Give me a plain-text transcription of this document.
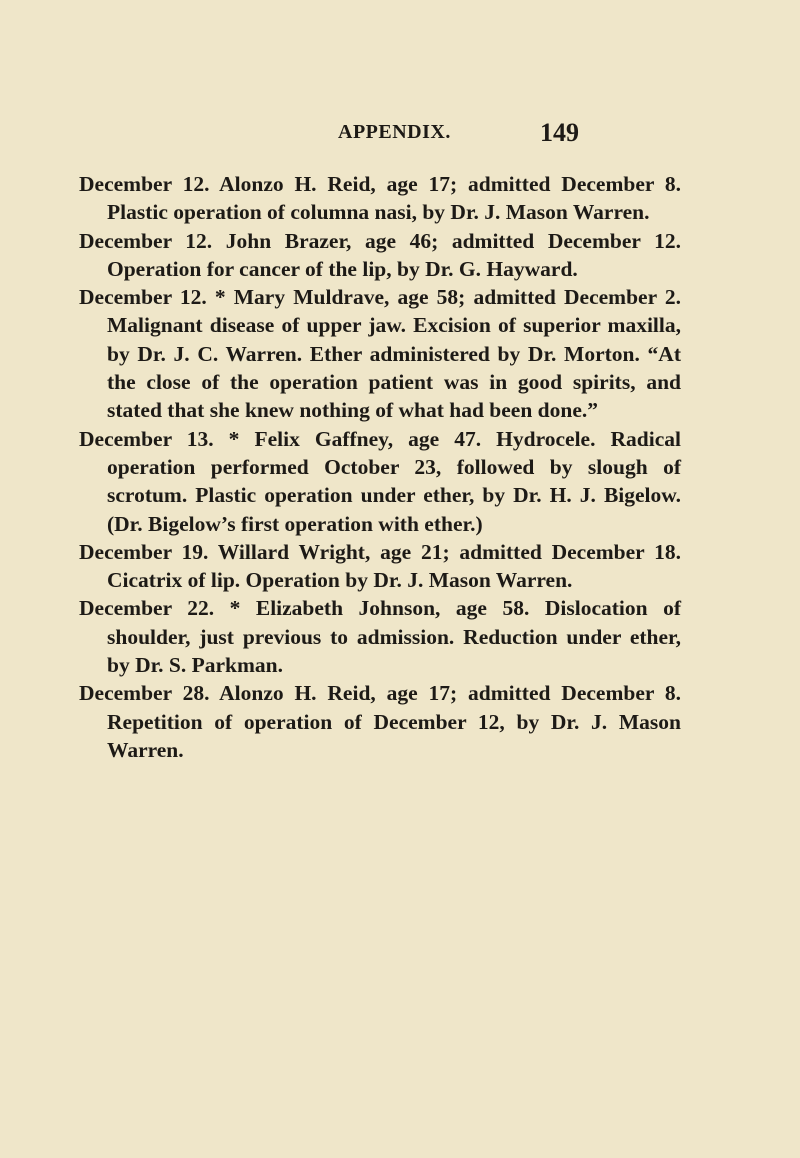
APPENDIX.	149

December 12. Alonzo H. Reid, age 17; admitted December 8. Plastic operation of columna nasi, by Dr. J. Mason Warren.

December 12. John Brazer, age 46; admitted December 12. Operation for cancer of the lip, by Dr. G. Hayward.

December 12. * Mary Muldrave, age 58; admitted December 2. Malignant disease of upper jaw. Excision of superior maxilla, by Dr. J. C. Warren. Ether administered by Dr. Morton. “At the close of the operation patient was in good spirits, and stated that she knew nothing of what had been done.”

December 13. * Felix Gaffney, age 47. Hydrocele. Radical operation performed October 23, followed by slough of scrotum. Plastic operation under ether, by Dr. H. J. Bigelow. (Dr. Bigelow’s first operation with ether.)

December 19. Willard Wright, age 21; admitted December 18. Cicatrix of lip. Operation by Dr. J. Mason Warren.

December 22. * Elizabeth Johnson, age 58. Dislocation of shoulder, just previous to admission. Reduction under ether, by Dr. S. Parkman.

December 28. Alonzo H. Reid, age 17; admitted December 8. Repetition of operation of December 12, by Dr. J. Mason Warren.
